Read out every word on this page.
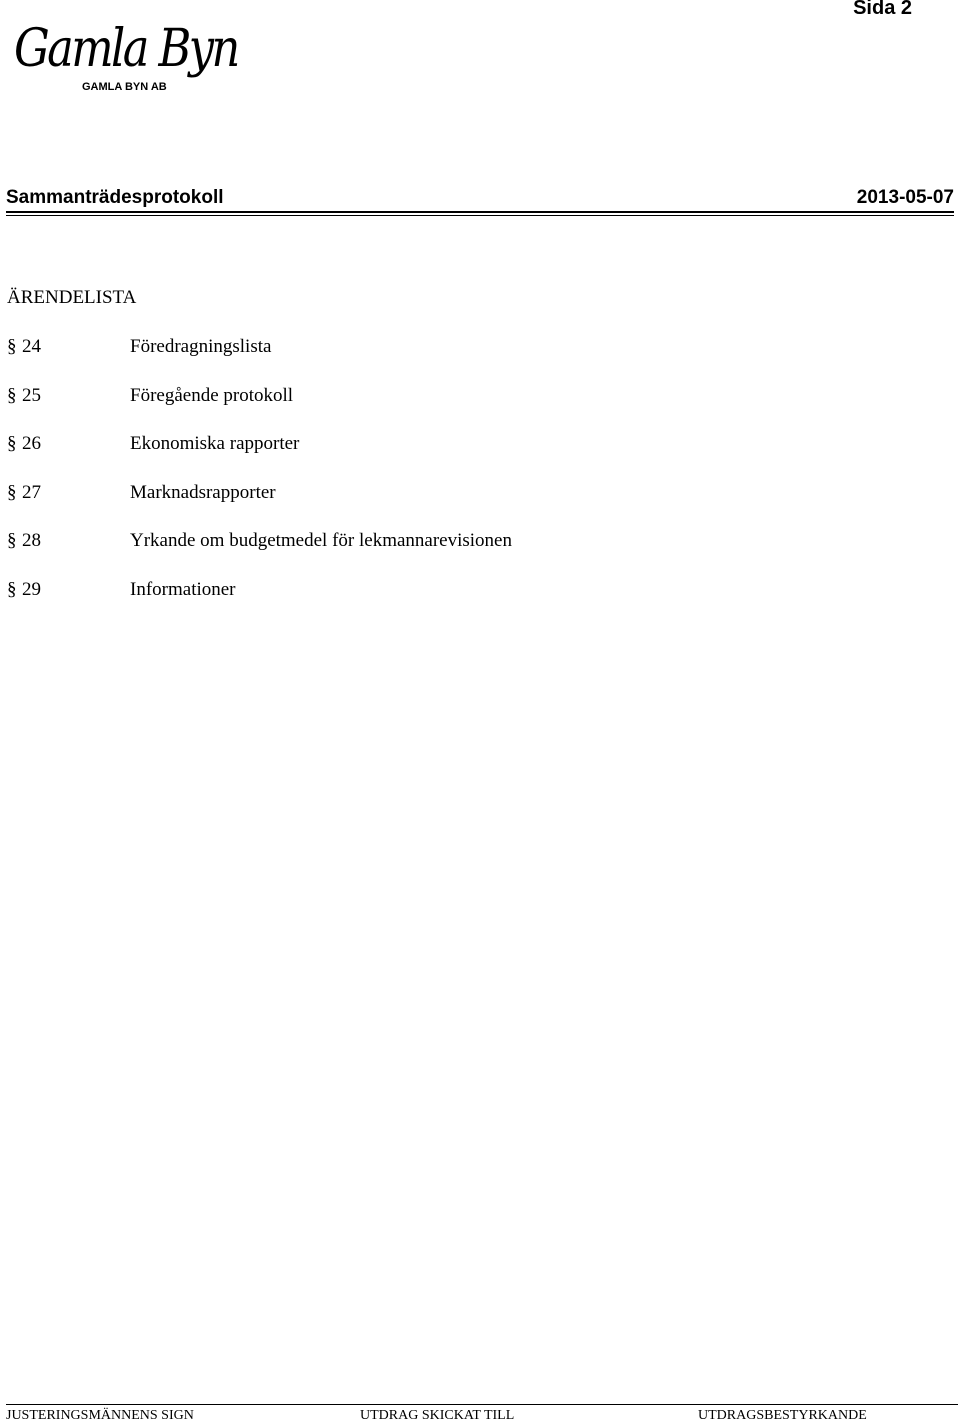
Sida 2
Gamla Byn
GAMLA BYN AB
Sammanträdesprotokoll	2013-05-07
ÄRENDELISTA
§ 24	Föredragningslista
§ 25	Föregående protokoll
§ 26	Ekonomiska rapporter
§ 27	Marknadsrapporter
§ 28	Yrkande om budgetmedel för lekmannarevisionen
§ 29	Informationer
JUSTERINGSMÄNNENS SIGN	UTDRAG SKICKAT TILL	UTDRAGSBESTYRKANDE
